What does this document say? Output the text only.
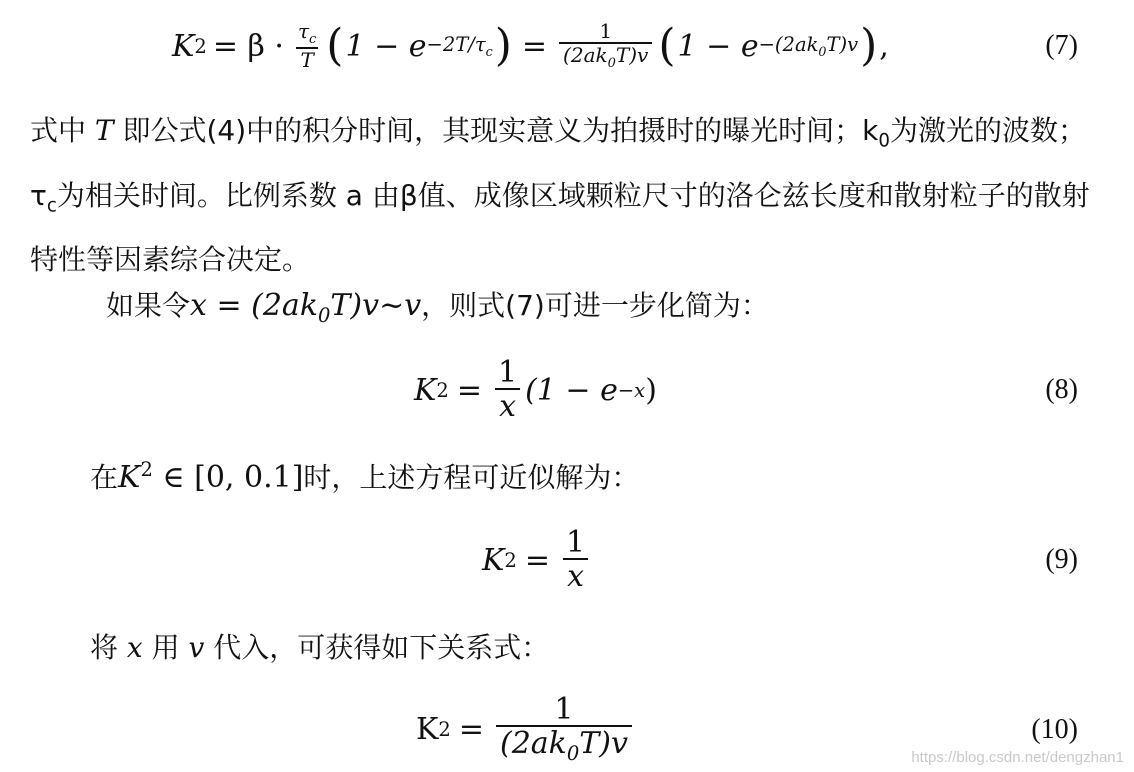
K $2 = \beta \cdot \frac{\tau_c}{T}$ ( $1 - e -2T/\tau_c$ ) = $\frac{1}{(2ak_0T)v}$ ( $1 - e -(2ak_0T)v$ ) ,	(7)
式中 T 即公式(4)中的积分时间，其现实意义为拍摄时的曝光时间；$k_0$为激光的波数；$\tau_c$为相关时间。比例系数 a 由β值、成像区域颗粒尺寸的洛仑兹长度和散射粒子的散射特性等因素综合决定。
如果令$x = (2ak_0T)v\sim v$，则式(7)可进一步化简为：
K $2 = \frac{1}{x} (1 - e -x$ )	(8)
在$K^2$ ∈ [0, 0.1]时，上述方程可近似解为：
K $2 = \frac{1}{x}$	(9)
将 x 用 v 代入，可获得如下关系式：
K $2 = \frac{1}{(2ak_0T)v}$	(10)
https://blog.csdn.net/dengzhan1
